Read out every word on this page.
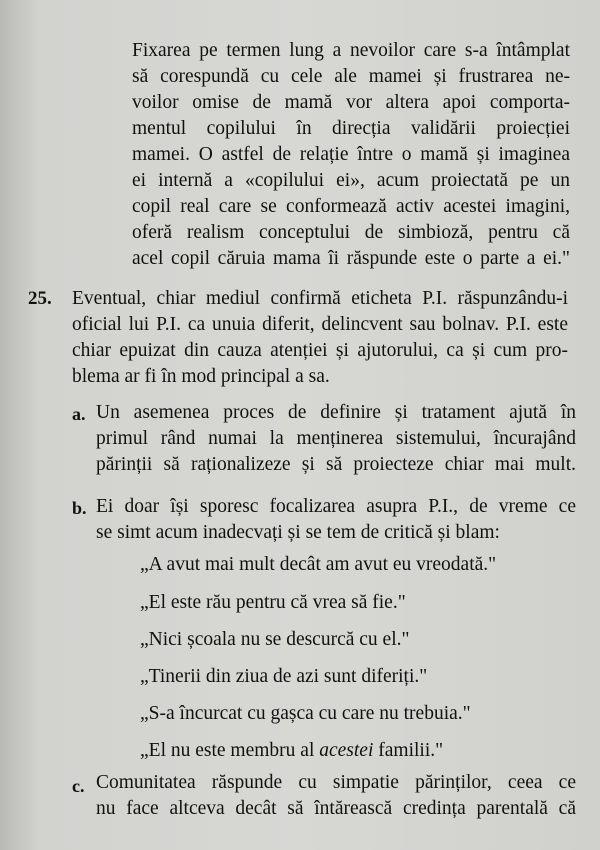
Fixarea pe termen lung a nevoilor care s-a întâmplat
să corespundă cu cele ale mamei și frustrarea ne-
voilor omise de mamă vor altera apoi comporta-
mentul copilului în direcția validării proiecției
mamei. O astfel de relație între o mamă și imaginea
ei internă a «copilului ei», acum proiectată pe un
copil real care se conformează activ acestei imagini,
oferă realism conceptului de simbioză, pentru că
acel copil căruia mama îi răspunde este o parte a ei."
25. Eventual, chiar mediul confirmă eticheta P.I. răspunzându-i
oficial lui P.I. ca unuia diferit, delincvent sau bolnav. P.I. este
chiar epuizat din cauza atenției și ajutorului, ca și cum pro-
blema ar fi în mod principal a sa.
a. Un asemenea proces de definire și tratament ajută în
primul rând numai la menținerea sistemului, încurajând
părinții să raționalizeze și să proiecteze chiar mai mult.
b. Ei doar își sporesc focalizarea asupra P.I., de vreme ce
se simt acum inadecvați și se tem de critică și blam:
„A avut mai mult decât am avut eu vreodată."
„El este rău pentru că vrea să fie."
„Nici școala nu se descurcă cu el."
„Tinerii din ziua de azi sunt diferiți."
„S-a încurcat cu gașca cu care nu trebuia."
„El nu este membru al acestei familii."
c. Comunitatea răspunde cu simpatie părinților, ceea ce
nu face altceva decât să întărească credința parentală că
